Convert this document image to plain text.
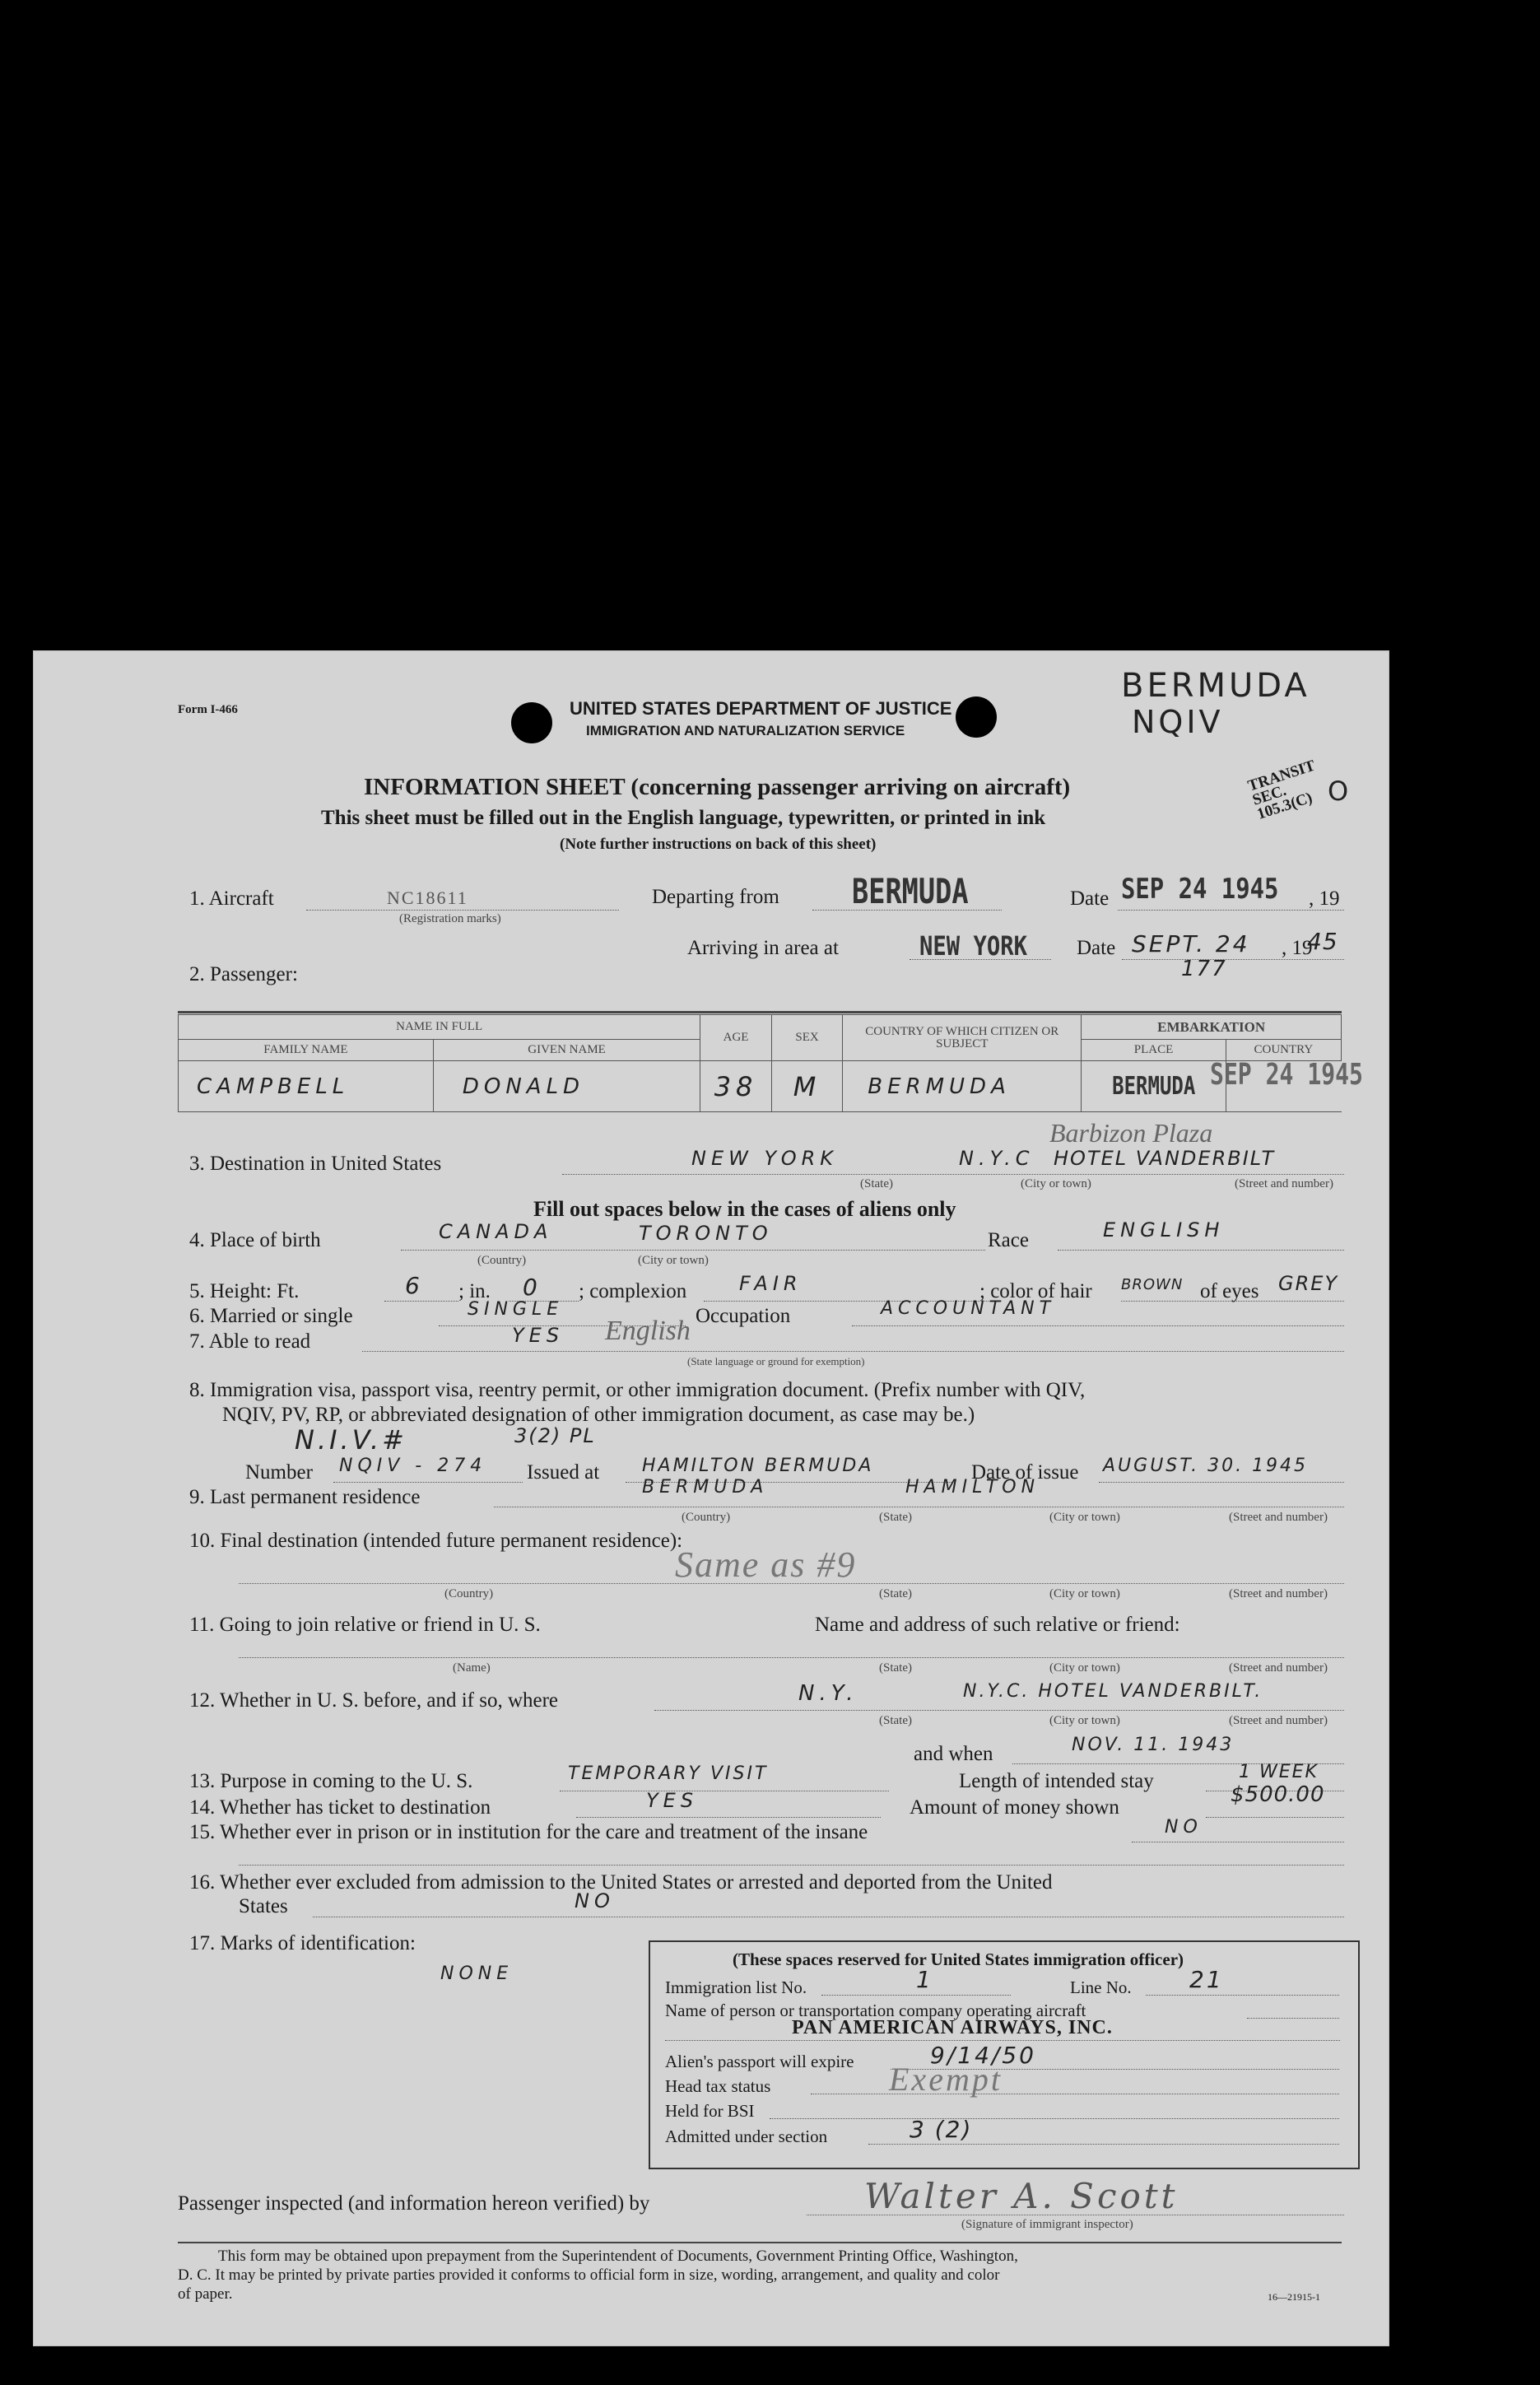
Form I-466	UNITED STATES DEPARTMENT OF JUSTICE
IMMIGRATION AND NATURALIZATION SERVICE
BERMUDA
NQIV
INFORMATION SHEET (concerning passenger arriving on aircraft)	TRANSIT SEC. 105.3(C) O
This sheet must be filled out in the English language, typewritten, or printed in ink
(Note further instructions on back of this sheet)
1. Aircraft	NC18611
(Registration marks)
Departing from BERMUDA	Date SEP 24 1945 , 19
Arriving in area at	NEW YORK Date SEPT. 24 , 19
45
177
2. Passenger:
NAME IN FULL		AGE	SEX	COUNTRY OF WHICH CITIZEN OR SUBJECT	EMBARKATION	
FAMILY NAME	GIVEN NAME				PLACE	COUNTRY
CAMPBELL	DONALD	38	M	BERMUDA	BERMUDA	SEP 24 1945
3. Destination in United States	NEW YORK	N.Y.C HOTEL VANDERBILT
Barbizon Plaza
(State)	(City or town)	(Street and number)
Fill out spaces below in the cases of aliens only
4. Place of birth	CANADA	TORONTO
(Country)	(City or town)
Race	ENGLISH
5. Height: Ft.	6 ; in. 0 ; complexion	FAIR	; color of hair BROWN of eyes GREY
6. Married or single	SINGLE	Occupation	ACCOUNTANT
7. Able to read	YES English
(State language or ground for exemption)
8. Immigration visa, passport visa, reentry permit, or other immigration document. (Prefix number with QIV,
NQIV, PV, RP, or abbreviated designation of other immigration document, as case may be.)
N.I.V.#	3(2) PL
Number NQIV - 274 Issued at HAMILTON BERMUDA	Date of issue AUGUST. 30. 1945
9. Last permanent residence	BERMUDA	HAMILTON
(Country)	(State)	(City or town)	(Street and number)
10. Final destination (intended future permanent residence):
Same as #9
(Country)	(State)	(City or town)	(Street and number)
11. Going to join relative or friend in U. S.	Name and address of such relative or friend:
(Name)	(State)	(City or town)	(Street and number)
12. Whether in U. S. before, and if so, where	N.Y.	N.Y.C. HOTEL VANDERBILT.
(State)	(City or town)	(Street and number)
and when	NOV. 11. 1943
13. Purpose in coming to the U. S.	TEMPORARY VISIT	Length of intended stay	1 WEEK
14. Whether has ticket to destination	YES	Amount of money shown
$500.00
15. Whether ever in prison or in institution for the care and treatment of the insane	NO
16. Whether ever excluded from admission to the United States or arrested and deported from the United
States	NO
17. Marks of identification:
NONE
(These spaces reserved for United States immigration officer)
Immigration list No.	1	Line No.	21
Name of person or transportation company operating aircraft
PAN AMERICAN AIRWAYS, INC.
Alien's passport will expire	9/14/50
Head tax status	Exempt
Held for BSI
Admitted under section	3 (2)
Passenger inspected (and information hereon verified) by	Walter A. Scott
(Signature of immigrant inspector)
This form may be obtained upon prepayment from the Superintendent of Documents, Government Printing Office, Washington,
D. C. It may be printed by private parties provided it conforms to official form in size, wording, arrangement, and quality and color
of paper.	16—21915-1
